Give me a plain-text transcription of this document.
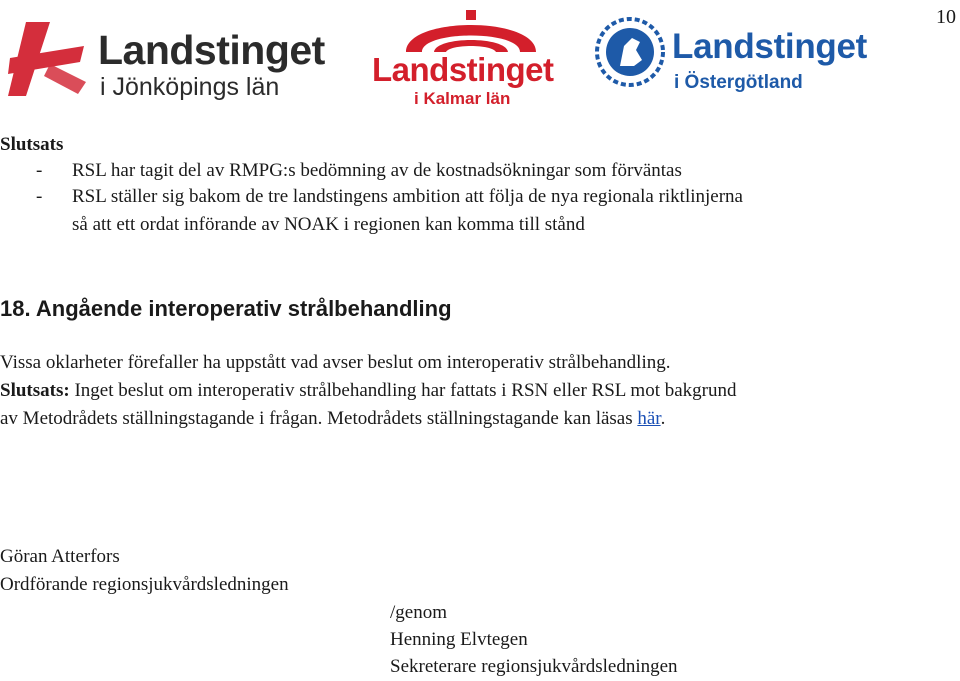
10
Landstinget
i Jönköpings län	Landstinget
i Kalmar län
Landstinget
i Östergötland
Slutsats
- RSL har tagit del av RMPG:s bedömning av de kostnadsökningar som förväntas
- RSL ställer sig bakom de tre landstingens ambition att följa de nya regionala riktlinjerna
så att ett ordat införande av NOAK i regionen kan komma till stånd
18. Angående interoperativ strålbehandling
Vissa oklarheter förefaller ha uppstått vad avser beslut om interoperativ strålbehandling.
Slutsats: Inget beslut om interoperativ strålbehandling har fattats i RSN eller RSL mot bakgrund
av Metodrådets ställningstagande i frågan. Metodrådets ställningstagande kan läsas här.
Göran Atterfors
Ordförande regionsjukvårdsledningen
/genom
Henning Elvtegen
Sekreterare regionsjukvårdsledningen
